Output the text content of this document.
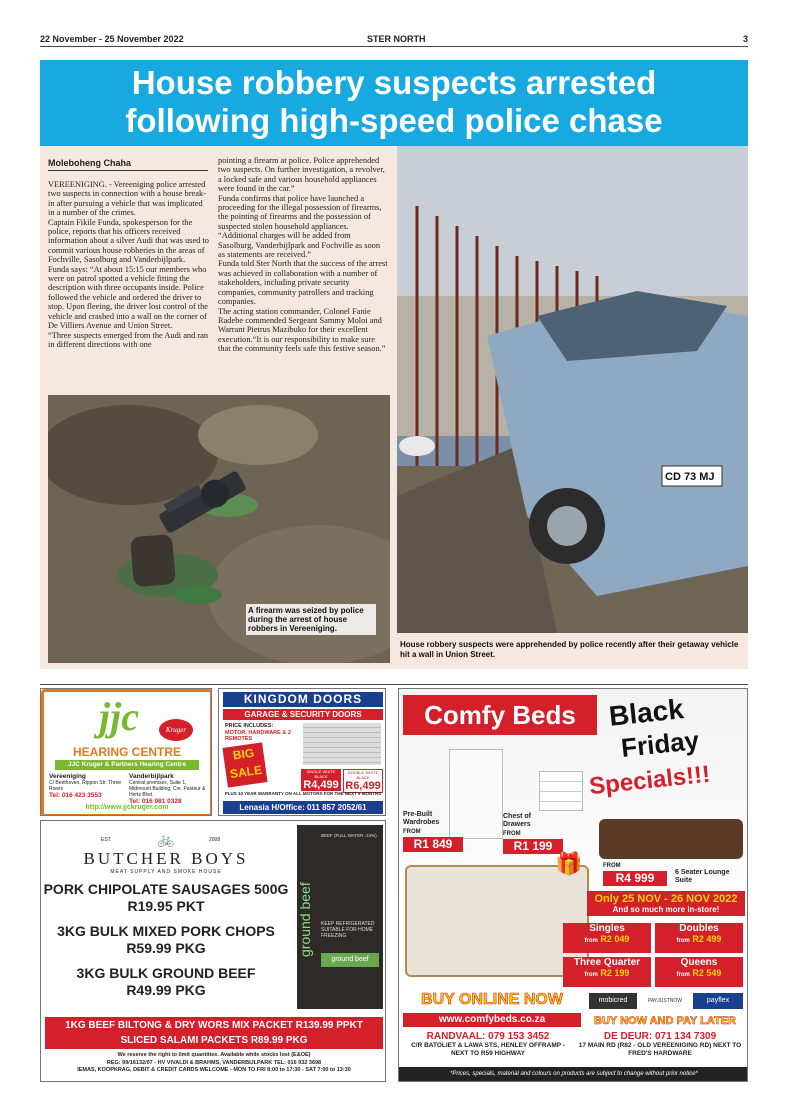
22 November - 25 November 2022	STER NORTH	3
House robbery suspects arrested
following high-speed police chase
Moleboheng Chaha

VEREENIGING. - Vereeniging police arrested two suspects in connection with a house break-in after pursuing a vehicle that was implicated in a number of the crimes.

Captain Fikile Funda, spokesperson for the police, reports that his officers received information about a silver Audi that was used to commit various house robberies in the areas of Fochville, Sasolburg and Vanderbijlpark.

Funda says: “At about 15:15 our members who were on patrol spotted a vehicle fitting the description with three occupants inside. Police followed the vehicle and ordered the driver to stop. Upon fleeing, the driver lost control of the vehicle and crashed into a wall on the corner of De Villiers Avenue and Union Street.

“Three suspects emerged from the Audi and ran in different directions with one

pointing a firearm at police. Police apprehended two suspects. On further investigation, a revolver, a locked safe and various household appliances were found in the car.”

Funda confirms that police have launched a proceeding for the illegal possession of firearms, the pointing of firearms and the possession of suspected stolen household appliances.

“Additional charges will be added from Sasolburg, Vanderbijlpark and Fochville as soon as statements are received.”

Funda told Ster North that the success of the arrest was achieved in collaboration with a number of stakeholders, including private security companies, community patrollers and tracking companies.

The acting station commander, Colonel Fanie Radebe commended Sergeant Sammy Moloi and Warrant Pietrus Mazibuko for their excellent execution.“It is our responsibility to make sure that the community feels safe this festive season.”

A firearm was seized by police during the arrest of house robbers in Vereeniging.
CD 73 MJ
House robbery suspects were apprehended by police recently after their getaway vehicle hit a wall in Union Street.
jjc	Kruger
HEARING CENTRE
JJC Kruger & Partners Hearing Centre
Vereeniging
C/ Beethoven, Rippon Str. Three Rivers
Tel: 016 423 3553
Vanderbijlpark
Central premises, Suite 1, Midmount Building, Cnr. Pasteur & Hertz Blvd.
Tel: 016 981 0328
http://www.jjckruger.com
KINGDOM DOORS
GARAGE & SECURITY DOORS
PRICE INCLUDES:
MOTOR, HARDWARE & 2 REMOTES
BIG
SALE	SINGLE WHITE BLACK
R4,499
DOUBLE WHITE BLACK
R6,499
PLUS 10 YEAR WARRANTY ON ALL MOTORS FOR THE NEXT 6 MONTHS
Lenasia H/Office: 011 857 2052/61
🚲
EST.	2008
BUTCHER BOYS
MEAT SUPPLY AND SMOKE HOUSE
PORK CHIPOLATE SAUSAGES 500G
R19.95 PKT
3KG BULK MIXED PORK CHOPS
R59.99 PKG
3KG BULK GROUND BEEF
R49.99 PKG
ground beef
BEEF (FULL WATER -24%)
KEEP REFRIGERATED SUITABLE FOR HOME FREEZING
ground beef
1KG BEEF BILTONG & DRY WORS MIX PACKET R139.99 PPKT
SLICED SALAMI PACKETS R89.99 PKG
We reserve the right to limit quantities. Available while stocks lost (E&OE)
REG: 99/16132/07 - HV VIVALDI & BRAHMS, VANDERBIJLPARK TEL: 016 932 3698
IEMAS, KOOPKRAG, DEBIT & CREDIT CARDS WELCOME - MON TO FRI 8:00 to 17:30 - SAT 7:00 to 13:30
Comfy Beds	Black
Friday
Specials!!!
Pre-Built Wardrobes
FROM
R1 849
Chest of Drawers
FROM
R1 199
FROM
R4 999	6 Seater Lounge Suite
🎁
Only 25 NOV - 26 NOV 2022
And so much more in-store!
Singles
from R2 049
Doubles
from R2 499
Three Quarter
from R2 199
Queens
from R2 549
BUY ONLINE NOW
www.comfybeds.co.za
mobicred	PAYJUSTNOW	payflex
BUY NOW AND PAY LATER
RANDVAAL: 079 153 3452
C/R BATOLIET & LAWA STS, HENLEY OFFRAMP - NEXT TO R59 HIGHWAY
DE DEUR: 071 134 7309
17 MAIN RD (R82 - OLD VEREENIGING RD) NEXT TO FRED'S HARDWARE
*Prices, specials, material and colours on products are subject to change without prior notice*
